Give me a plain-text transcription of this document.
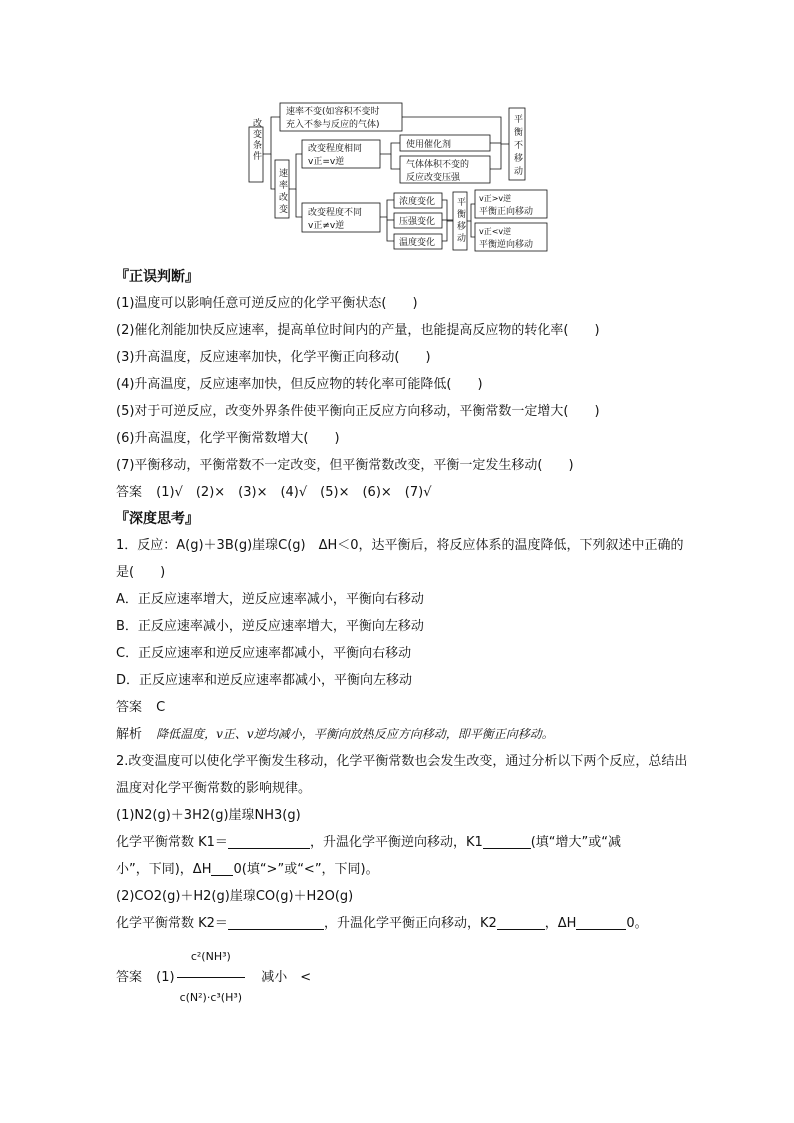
改变条件
速率不变(如容积不变时
充入不参与反应的气体)
速率改变
改变程度相同
v正=v逆
使用催化剂
气体体积不变的
反应改变压强	平衡不移动
改变程度不同
v正≠v逆
浓度变化
压强变化
温度变化 平衡移动 v正>v逆
平衡正向移动
v正<v逆
平衡逆向移动
『正误判断』
(1)温度可以影响任意可逆反应的化学平衡状态(　　)
(2)催化剂能加快反应速率，提高单位时间内的产量，也能提高反应物的转化率(　　)
(3)升高温度，反应速率加快，化学平衡正向移动(　　)
(4)升高温度，反应速率加快，但反应物的转化率可能降低(　　)
(5)对于可逆反应，改变外界条件使平衡向正反应方向移动，平衡常数一定增大(　　)
(6)升高温度，化学平衡常数增大(　　)
(7)平衡移动，平衡常数不一定改变，但平衡常数改变，平衡一定发生移动(　　)
答案 (1)√　(2)×　(3)×　(4)√　(5)×　(6)×　(7)√
『深度思考』
1．反应：A(g)＋3B(g)崖瑔C(g)　ΔH＜0，达平衡后，将反应体系的温度降低，下列叙述中正确的是(　　)
A．正反应速率增大，逆反应速率减小，平衡向右移动
B．正反应速率减小，逆反应速率增大，平衡向左移动
C．正反应速率和逆反应速率都减小，平衡向右移动
D．正反应速率和逆反应速率都减小，平衡向左移动
答案 C
解析 降低温度，v正、v逆均减小，平衡向放热反应方向移动，即平衡正向移动。
2.改变温度可以使化学平衡发生移动，化学平衡常数也会发生改变，通过分析以下两个反应，总结出温度对化学平衡常数的影响规律。
(1)N2(g)＋3H2(g)崖瑔NH3(g)
化学平衡常数 K1＝	，升温化学平衡逆向移动，K1	(填“增大”或“减
小”，下同)，ΔH 0(填“>”或“<”，下同)。
(2)CO2(g)＋H2(g)崖瑔CO(g)＋H2O(g)
化学平衡常数 K2＝	，升温化学平衡正向移动，K2	，ΔH	0。
答案 $(1) \frac{\text{c²(NH³)}}{\text{c(N²)·c³(H³)}}$ 减小　<
